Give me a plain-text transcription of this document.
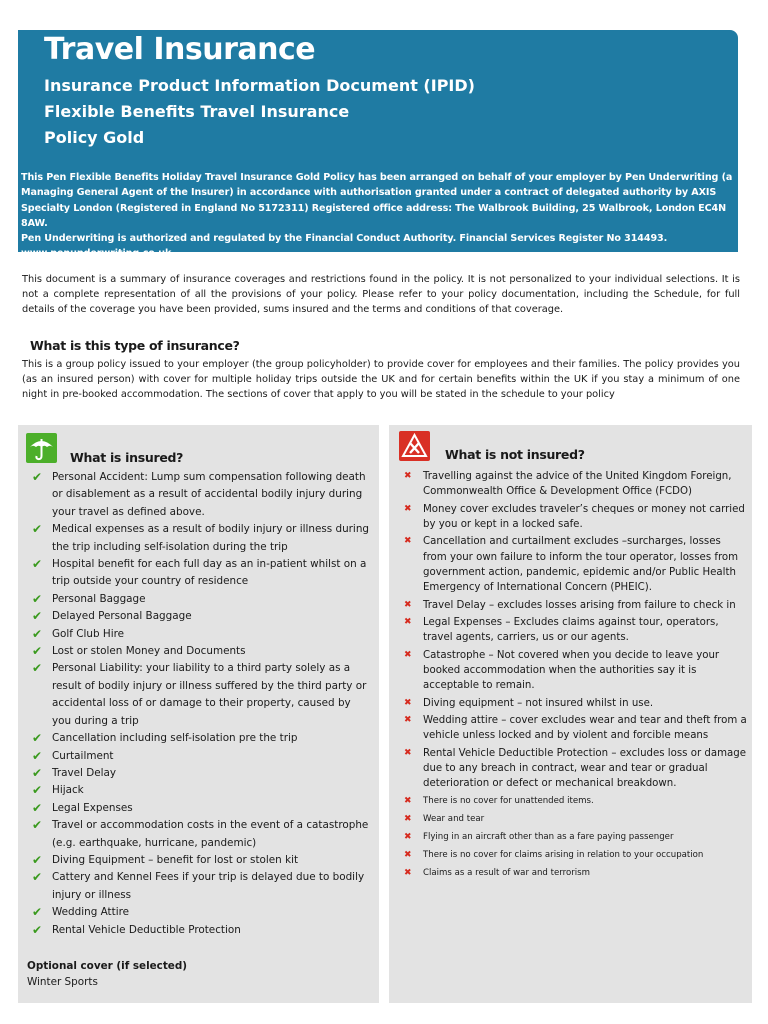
Travel Insurance
Insurance Product Information Document (IPID)
Flexible Benefits Travel Insurance
Policy Gold
This Pen Flexible Benefits Holiday Travel Insurance Gold Policy has been arranged on behalf of your employer by Pen Underwriting (a
Managing General Agent of the Insurer) in accordance with authorisation granted under a contract of delegated authority by AXIS
Specialty London (Registered in England No 5172311) Registered office address: The Walbrook Building, 25 Walbrook, London EC4N 8AW.
Pen Underwriting is authorized and regulated by the Financial Conduct Authority. Financial Services Register No 314493.
www.penunderwriting.co.uk

This document is a summary of insurance coverages and restrictions found in the policy. It is not personalized to your individual selections. It is not a complete representation of all the provisions of your policy. Please refer to your policy documentation, including the Schedule, for full details of the coverage you have been provided, sums insured and the terms and conditions of that coverage.

What is this type of insurance?

This is a group policy issued to your employer (the group policyholder) to provide cover for employees and their families. The policy provides you (as an insured person) with cover for multiple holiday trips outside the UK and for certain benefits within the UK if you stay a minimum of one night in pre-booked accommodation. The sections of cover that apply to you will be stated in the schedule to your policy

What is insured?
✔ Personal Accident: Lump sum compensation following death or disablement as a result of accidental bodily injury during your travel as defined above.
✔ Medical expenses as a result of bodily injury or illness during the trip including self-isolation during the trip
✔ Hospital benefit for each full day as an in-patient whilst on a trip outside your country of residence
✔ Personal Baggage
✔ Delayed Personal Baggage
✔ Golf Club Hire
✔ Lost or stolen Money and Documents
✔ Personal Liability: your liability to a third party solely as a result of bodily injury or illness suffered by the third party or accidental loss of or damage to their property, caused by you during a trip
✔ Cancellation including self-isolation pre the trip
✔ Curtailment
✔ Travel Delay
✔ Hijack
✔ Legal Expenses
✔ Travel or accommodation costs in the event of a catastrophe (e.g. earthquake, hurricane, pandemic)
✔ Diving Equipment – benefit for lost or stolen kit
✔ Cattery and Kennel Fees if your trip is delayed due to bodily injury or illness
✔ Wedding Attire
✔ Rental Vehicle Deductible Protection
Optional cover (if selected)
Winter Sports
What is not insured?
✖ Travelling against the advice of the United Kingdom Foreign, Commonwealth Office & Development Office (FCDO)
✖ Money cover excludes traveler’s cheques or money not carried by you or kept in a locked safe.
✖ Cancellation and curtailment excludes –surcharges, losses from your own failure to inform the tour operator, losses from government action, pandemic, epidemic and/or Public Health Emergency of International Concern (PHEIC).
✖ Travel Delay – excludes losses arising from failure to check in
✖ Legal Expenses – Excludes claims against tour, operators, travel agents, carriers, us or our agents.
✖ Catastrophe – Not covered when you decide to leave your booked accommodation when the authorities say it is acceptable to remain.
✖ Diving equipment – not insured whilst in use.
✖ Wedding attire – cover excludes wear and tear and theft from a vehicle unless locked and by violent and forcible means
✖ Rental Vehicle Deductible Protection – excludes loss or damage due to any breach in contract, wear and tear or gradual deterioration or defect or mechanical breakdown.
✖ There is no cover for unattended items.
✖ Wear and tear
✖ Flying in an aircraft other than as a fare paying passenger
✖ There is no cover for claims arising in relation to your occupation
✖ Claims as a result of war and terrorism
